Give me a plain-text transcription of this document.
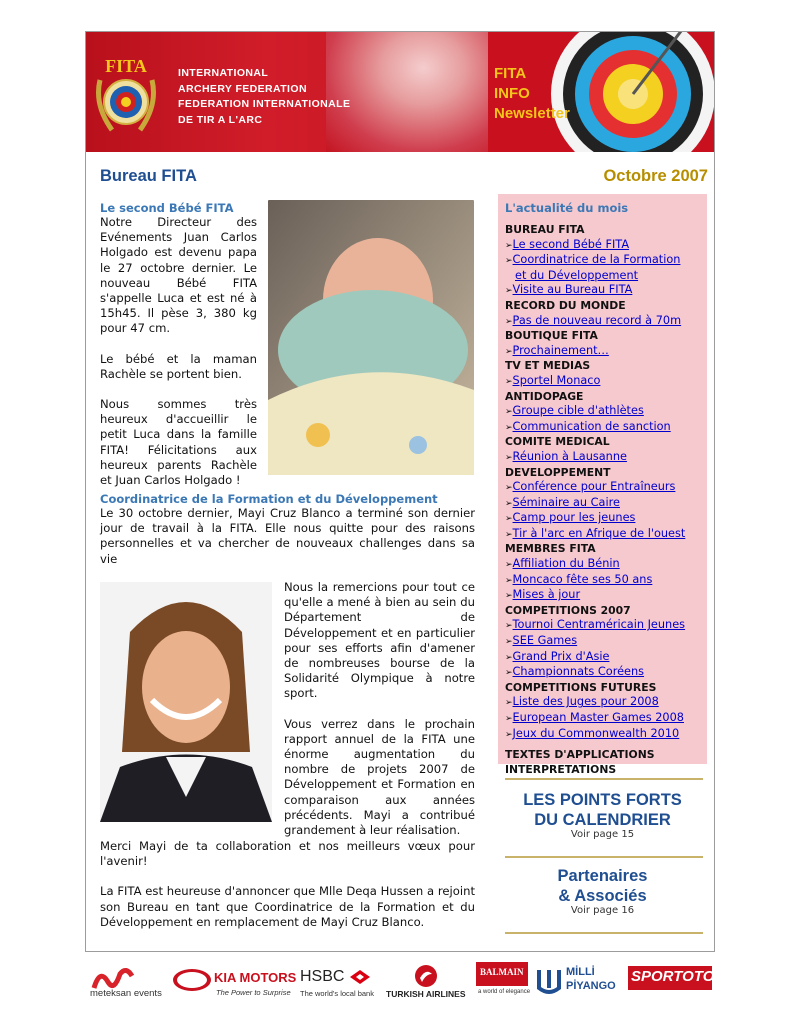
FITA	INTERNATIONAL
ARCHERY FEDERATION
FEDERATION INTERNATIONALE
DE TIR A L'ARC
FITA
INFO
Newsletter
Bureau FITA	Octobre 2007
Le second Bébé FITA

Notre Directeur des Evénements Juan Carlos Holgado est devenu papa le 27 octobre dernier. Le nouveau Bébé FITA s'appelle Luca et est né à 15h45. Il pèse 3, 380 kg pour 47 cm.

Le bébé et la maman Rachèle se portent bien.

Nous sommes très heureux d'accueillir le petit Luca dans la famille FITA! Félicitations aux heureux parents Rachèle et Juan Carlos Holgado !

Coordinatrice de la Formation et du Développement

Le 30 octobre dernier, Mayi Cruz Blanco a terminé son dernier jour de travail à la FITA. Elle nous quitte pour des raisons personnelles et va chercher de nouveaux challenges dans sa vie

Nous la remercions pour tout ce qu'elle a mené à bien au sein du Département de Développement et en particulier pour ses efforts afin d'amener de nombreuses bourse de la Solidarité Olympique à notre sport.

Vous verrez dans le prochain rapport annuel de la FITA une énorme augmentation du nombre de projets 2007 de Développement et Formation en comparaison aux années précédents. Mayi a contribué grandement à leur réalisation.

Merci Mayi de ta collaboration et nos meilleurs vœux pour l'avenir!

La FITA est heureuse d'annoncer que Mlle Deqa Hussen a rejoint son Bureau en tant que Coordinatrice de la Formation et du Développement en remplacement de Mayi Cruz Blanco.

L'actualité du mois
BUREAU FITA
➢Le second Bébé FITA
➢Coordinatrice de la Formation
et du Développement
➢Visite au Bureau FITA
RECORD DU MONDE
➢Pas de nouveau record à 70m
BOUTIQUE FITA
➢Prochainement…
TV ET MEDIAS
➢Sportel Monaco
ANTIDOPAGE
➢Groupe cible d'athlètes
➢Communication de sanction
COMITE MEDICAL
➢Réunion à Lausanne
DEVELOPPEMENT
➢Conférence pour Entraîneurs
➢Séminaire au Caire
➢Camp pour les jeunes
➢Tir à l'arc en Afrique de l'ouest
MEMBRES FITA
➢Affiliation du Bénin
➢Moncaco fête ses 50 ans
➢Mises à jour
COMPETITIONS 2007
➢Tournoi Centraméricain Jeunes
➢SEE Games
➢Grand Prix d'Asie
➢Championnats Coréens
COMPETITIONS FUTURES
➢Liste des Juges pour 2008
➢European Master Games 2008
➢Jeux du Commonwealth 2010
TEXTES D'APPLICATIONS
INTERPRETATIONS
LES POINTS FORTS
DU CALENDRIER
Voir page 15
Partenaires
& Associés
Voir page 16
meteksan events
KIA MOTORS
The Power to Surprise
HSBC
The world's local bank TURKISH AIRLINES
BALMAIN
a world of elegance
MİLLİ
PİYANGO
SPORTOTO
